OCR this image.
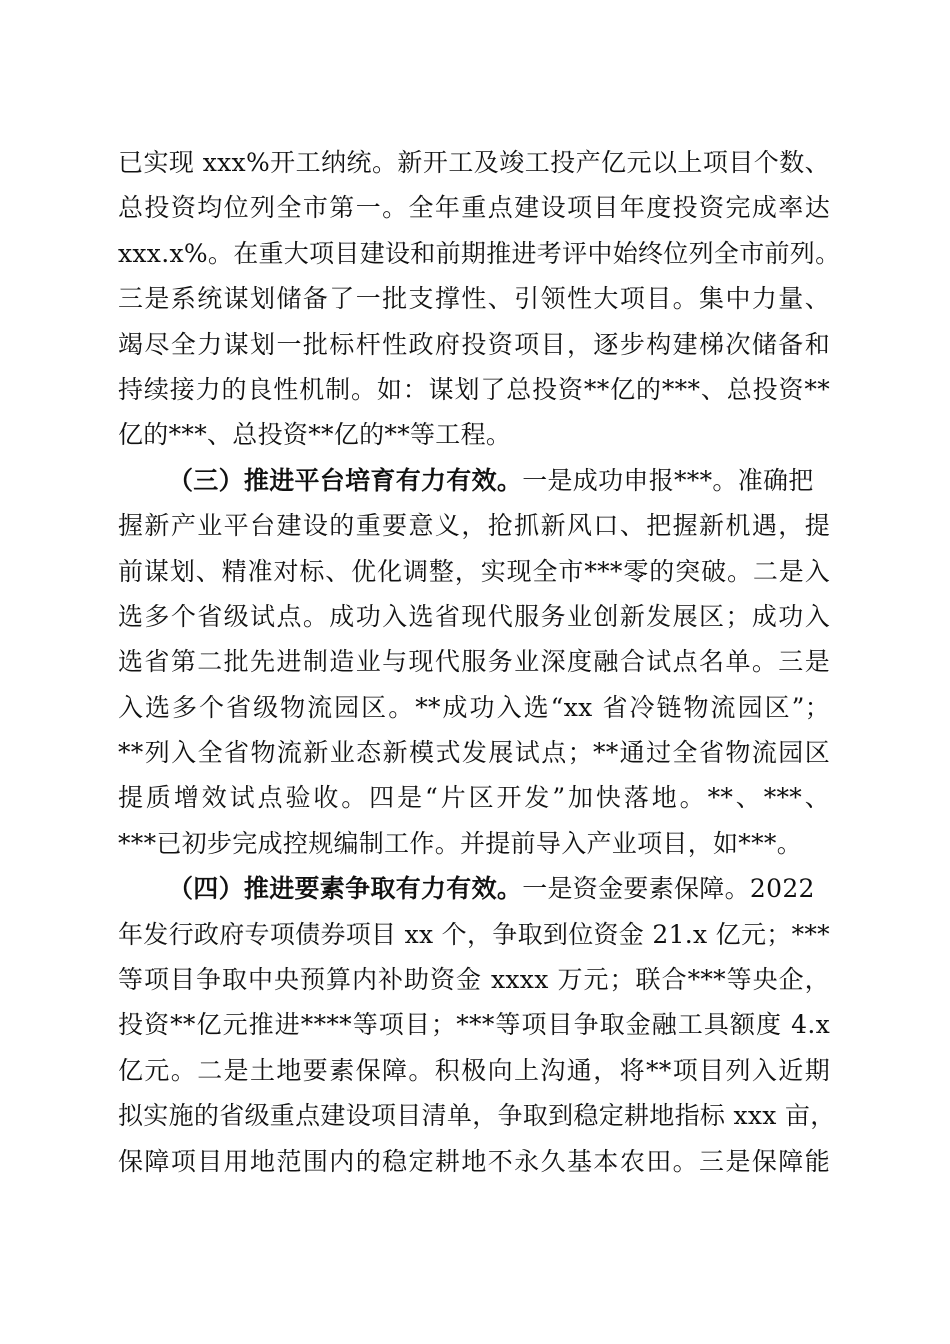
已实现 xxx%开工纳统。新开工及竣工投产亿元以上项目个数、
总投资均位列全市第一。全年重点建设项目年度投资完成率达
xxx.x%。在重大项目建设和前期推进考评中始终位列全市前列。
三是系统谋划储备了一批支撑性、引领性大项目。集中力量、
竭尽全力谋划一批标杆性政府投资项目，逐步构建梯次储备和
持续接力的良性机制。如：谋划了总投资**亿的***、总投资**
亿的***、总投资**亿的**等工程。
（三）推进平台培育有力有效。一是成功申报***。准确把
握新产业平台建设的重要意义，抢抓新风口、把握新机遇，提
前谋划、精准对标、优化调整，实现全市***零的突破。二是入
选多个省级试点。成功入选省现代服务业创新发展区；成功入
选省第二批先进制造业与现代服务业深度融合试点名单。三是
入选多个省级物流园区。**成功入选“xx 省冷链物流园区”；
**列入全省物流新业态新模式发展试点；**通过全省物流园区
提质增效试点验收。四是“片区开发”加快落地。**、***、
***已初步完成控规编制工作。并提前导入产业项目，如***。
（四）推进要素争取有力有效。一是资金要素保障。2022
年发行政府专项债券项目 xx 个，争取到位资金 21.x 亿元；***
等项目争取中央预算内补助资金 xxxx 万元；联合***等央企，
投资**亿元推进****等项目；***等项目争取金融工具额度 4.x
亿元。二是土地要素保障。积极向上沟通，将**项目列入近期
拟实施的省级重点建设项目清单，争取到稳定耕地指标 xxx 亩，
保障项目用地范围内的稳定耕地不永久基本农田。三是保障能
